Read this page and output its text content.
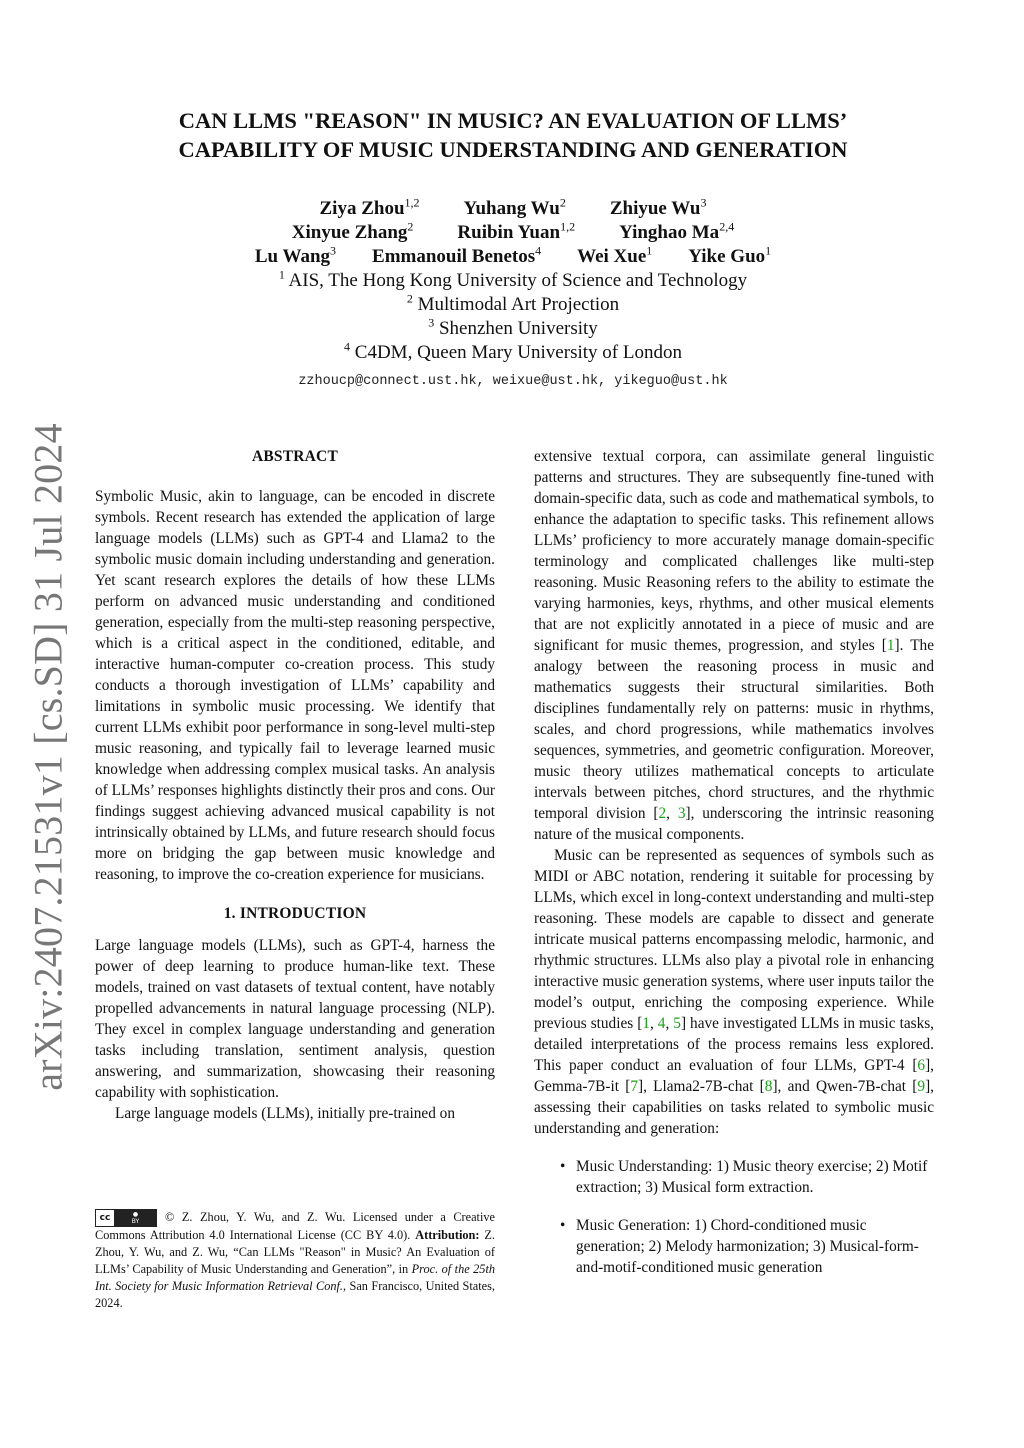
arXiv:2407.21531v1 [cs.SD] 31 Jul 2024
CAN LLMS "REASON" IN MUSIC? AN EVALUATION OF LLMS’
CAPABILITY OF MUSIC UNDERSTANDING AND GENERATION
Ziya Zhou$^{1,2}$ Yuhang Wu$^2$ Zhiyue Wu$^3$
Xinyue Zhang$^2$ Ruibin Yuan$^{1,2}$ Yinghao Ma$^{2,4}$
Lu Wang$^3$ Emmanouil Benetos$^4$ Wei Xue$^1$ Yike Guo$^1$
$^1$ AIS, The Hong Kong University of Science and Technology
$^2$ Multimodal Art Projection
$^3$ Shenzhen University
$^4$ C4DM, Queen Mary University of London
zzhoucp@connect.ust.hk, weixue@ust.hk, yikeguo@ust.hk
ABSTRACT

Symbolic Music, akin to language, can be encoded in discrete symbols. Recent research has extended the application of large language models (LLMs) such as GPT-4 and Llama2 to the symbolic music domain including understanding and generation. Yet scant research explores the details of how these LLMs perform on advanced music understanding and conditioned generation, especially from the multi-step reasoning perspective, which is a critical aspect in the conditioned, editable, and interactive human-computer co-creation process. This study conducts a thorough investigation of LLMs’ capability and limitations in symbolic music processing. We identify that current LLMs exhibit poor performance in song-level multi-step music reasoning, and typically fail to leverage learned music knowledge when addressing complex musical tasks. An analysis of LLMs’ responses highlights distinctly their pros and cons. Our findings suggest achieving advanced musical capability is not intrinsically obtained by LLMs, and future research should focus more on bridging the gap between music knowledge and reasoning, to improve the co-creation experience for musicians.

1. INTRODUCTION

Large language models (LLMs), such as GPT-4, harness the power of deep learning to produce human-like text. These models, trained on vast datasets of textual content, have notably propelled advancements in natural language processing (NLP). They excel in complex language understanding and generation tasks including translation, sentiment analysis, question answering, and summarization, showcasing their reasoning capability with sophistication.

Large language models (LLMs), initially pre-trained on

cc	●
BY © Z. Zhou, Y. Wu, and Z. Wu. Licensed under a Creative Commons Attribution 4.0 International License (CC BY 4.0). Attribution: Z. Zhou, Y. Wu, and Z. Wu, “Can LLMs "Reason" in Music? An Evaluation of LLMs’ Capability of Music Understanding and Generation”, in Proc. of the 25th Int. Society for Music Information Retrieval Conf., San Francisco, United States, 2024.

extensive textual corpora, can assimilate general linguistic patterns and structures. They are subsequently fine-tuned with domain-specific data, such as code and mathematical symbols, to enhance the adaptation to specific tasks. This refinement allows LLMs’ proficiency to more accurately manage domain-specific terminology and complicated challenges like multi-step reasoning. Music Reasoning refers to the ability to estimate the varying harmonies, keys, rhythms, and other musical elements that are not explicitly annotated in a piece of music and are significant for music themes, progression, and styles [1]. The analogy between the reasoning process in music and mathematics suggests their structural similarities. Both disciplines fundamentally rely on patterns: music in rhythms, scales, and chord progressions, while mathematics involves sequences, symmetries, and geometric configuration. Moreover, music theory utilizes mathematical concepts to articulate intervals between pitches, chord structures, and the rhythmic temporal division [2, 3], underscoring the intrinsic reasoning nature of the musical components.

Music can be represented as sequences of symbols such as MIDI or ABC notation, rendering it suitable for processing by LLMs, which excel in long-context understanding and multi-step reasoning. These models are capable to dissect and generate intricate musical patterns encompassing melodic, harmonic, and rhythmic structures. LLMs also play a pivotal role in enhancing interactive music generation systems, where user inputs tailor the model’s output, enriching the composing experience. While previous studies [1, 4, 5] have investigated LLMs in music tasks, detailed interpretations of the process remains less explored. This paper conduct an evaluation of four LLMs, GPT-4 [6], Gemma-7B-it [7], Llama2-7B-chat [8], and Qwen-7B-chat [9], assessing their capabilities on tasks related to symbolic music understanding and generation:

• Music Understanding: 1) Music theory exercise; 2) Motif extraction; 3) Musical form extraction.
• Music Generation: 1) Chord-conditioned music generation; 2) Melody harmonization; 3) Musical-form-and-motif-conditioned music generation
